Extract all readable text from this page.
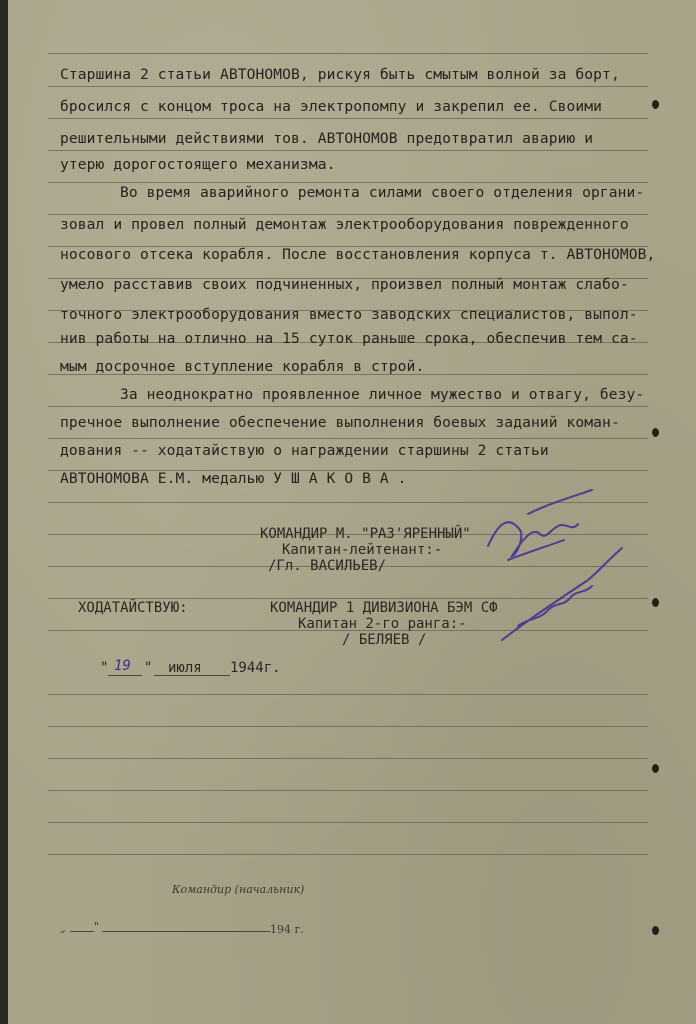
Старшина 2 статьи АВТОНОМОВ, рискуя быть смытым волной за борт,
бросился с концом троса на электропомпу и закрепил ее. Своими
решительными действиями тов. АВТОНОМОВ предотвратил аварию и
утерю дорогостоящего механизма.
Во время аварийного ремонта силами своего отделения органи-
зовал и провел полный демонтаж электрооборудования поврежденного
носового отсека корабля. После восстановления корпуса т. АВТОНОМОВ,
умело расставив своих подчиненных, произвел полный монтаж слабо-
точного электрооборудования вместо заводских специалистов, выпол-
нив работы на отлично на 15 суток раньше срока, обеспечив тем са-
мым досрочное вступление корабля в строй.
За неоднократно проявленное личное мужество и отвагу, безу-
пречное выполнение обеспечение выполнения боевых заданий коман-
дования -- ходатайствую о награждении старшины 2 статьи
АВТОНОМОВА Е.М. медалью У Ш А К О В А .
КОМАНДИР М. "РАЗ'ЯРЕННЫЙ"
Капитан-лейтенант:-
/Гл. ВАСИЛЬЕВ/
ХОДАТАЙСТВУЮ:	КОМАНДИР 1 ДИВИЗИОНА БЭМ СФ
Капитан 2-го ранга:-
/ БЕЛЯЕВ /
" 19 " июля 1944г.
Командир (начальник)
„	"	194 г.
